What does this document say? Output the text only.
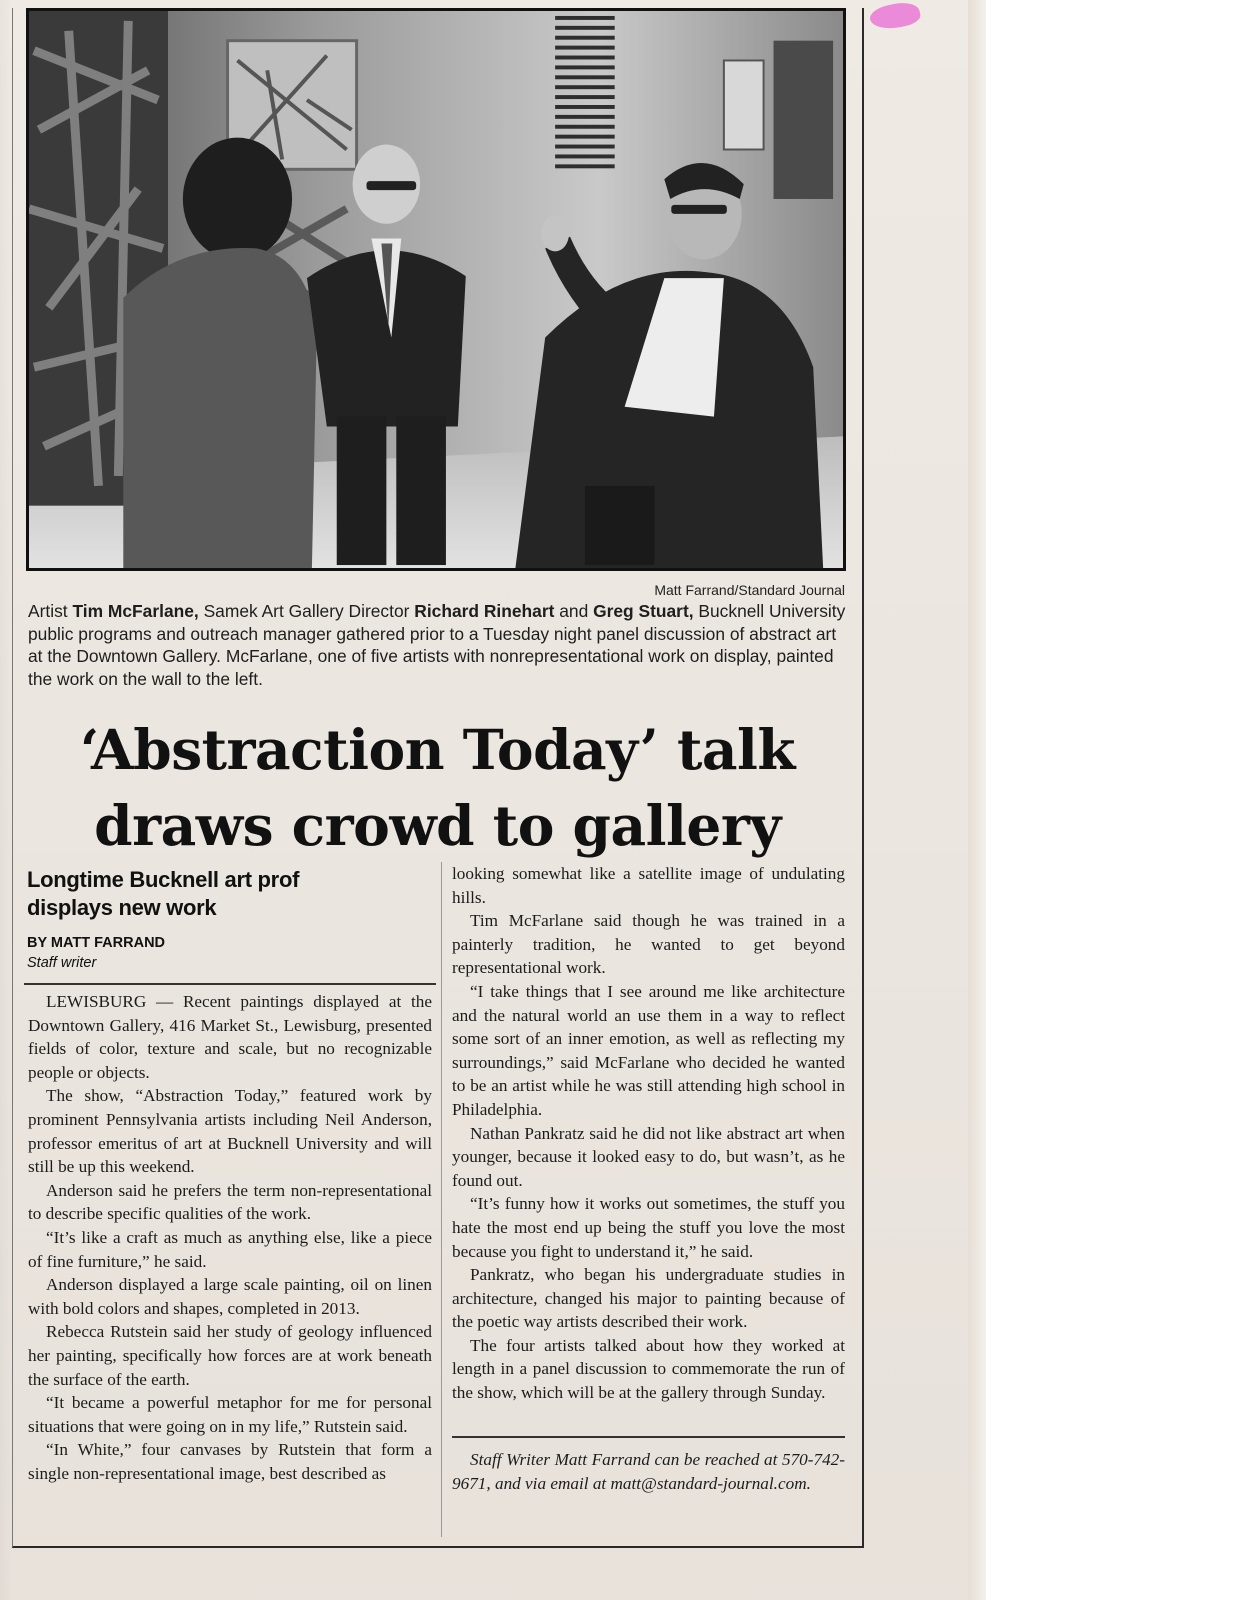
Matt Farrand/Standard Journal
Artist Tim McFarlane, Samek Art Gallery Director Richard Rinehart and Greg Stuart, Bucknell University public programs and outreach manager gathered prior to a Tuesday night panel discussion of abstract art at the Downtown Gallery. McFarlane, one of five artists with nonrepresentational work on display, painted the work on the wall to the left.
‘Abstraction Today’ talk
draws crowd to gallery
Longtime Bucknell art prof
displays new work
BY MATT FARRAND
Staff writer

LEWISBURG — Recent paintings displayed at the Downtown Gallery, 416 Market St., Lewisburg, presented fields of color, texture and scale, but no recognizable people or objects.

The show, “Abstraction Today,” featured work by prominent Pennsylvania artists including Neil Anderson, professor emeritus of art at Bucknell University and will still be up this weekend.

Anderson said he prefers the term non-representational to describe specific qualities of the work.

“It’s like a craft as much as anything else, like a piece of fine furniture,” he said.

Anderson displayed a large scale painting, oil on linen with bold colors and shapes, completed in 2013.

Rebecca Rutstein said her study of geology influenced her painting, specifically how forces are at work beneath the surface of the earth.

“It became a powerful metaphor for me for personal situations that were going on in my life,” Rutstein said.

“In White,” four canvases by Rutstein that form a single non-representational image, best described as

looking somewhat like a satellite image of undulating hills.

Tim McFarlane said though he was trained in a painterly tradition, he wanted to get beyond representational work.

“I take things that I see around me like architecture and the natural world an use them in a way to reflect some sort of an inner emotion, as well as reflecting my surroundings,” said McFarlane who decided he wanted to be an artist while he was still attending high school in Philadelphia.

Nathan Pankratz said he did not like abstract art when younger, because it looked easy to do, but wasn’t, as he found out.

“It’s funny how it works out sometimes, the stuff you hate the most end up being the stuff you love the most because you fight to understand it,” he said.

Pankratz, who began his undergraduate studies in architecture, changed his major to painting because of the poetic way artists described their work.

The four artists talked about how they worked at length in a panel discussion to commemorate the run of the show, which will be at the gallery through Sunday.

Staff Writer Matt Farrand can be reached at 570-742-9671, and via email at matt@standard-journal.com.
